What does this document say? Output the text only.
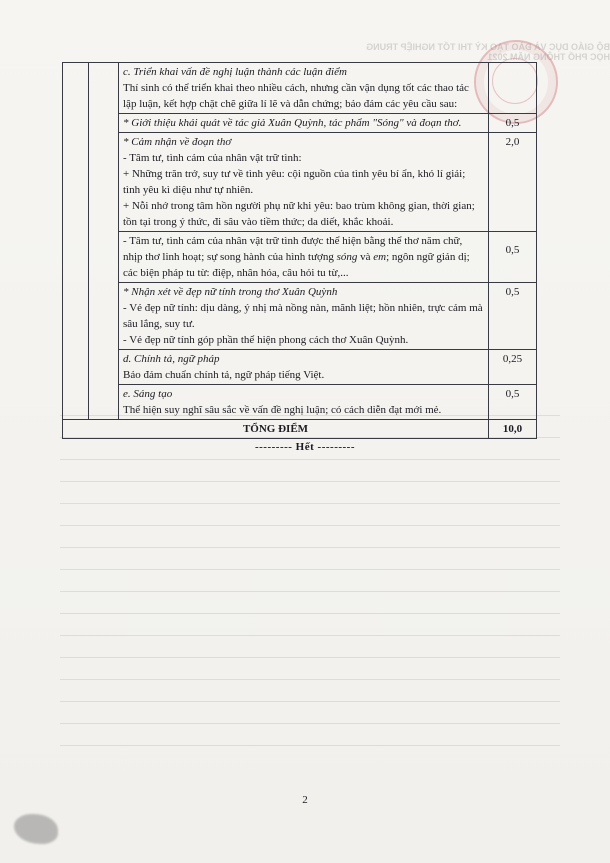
BỘ GIÁO DỤC VÀ ĐÀO TẠO KỲ THI TỐT NGHIỆP TRUNG HỌC PHỔ THÔNG NĂM 2021

		c. Triển khai vấn đề nghị luận thành các luận điểm
Thí sinh có thể triển khai theo nhiều cách, nhưng cần vận dụng tốt các thao tác lập luận, kết hợp chặt chẽ giữa lí lẽ và dẫn chứng; bảo đảm các yêu cầu sau:	

		* Giới thiệu khái quát về tác giả Xuân Quỳnh, tác phẩm "Sóng" và đoạn thơ.	0,5

		* Cảm nhận về đoạn thơ
- Tâm tư, tình cảm của nhân vật trữ tình:
+ Những trăn trở, suy tư về tình yêu: cội nguồn của tình yêu bí ẩn, khó lí giải; tình yêu kì diệu như tự nhiên.
+ Nỗi nhớ trong tâm hồn người phụ nữ khi yêu: bao trùm không gian, thời gian; tồn tại trong ý thức, đi sâu vào tiềm thức; da diết, khắc khoải.	2,0

		- Tâm tư, tình cảm của nhân vật trữ tình được thể hiện bằng thể thơ năm chữ, nhịp thơ linh hoạt; sự song hành của hình tượng sóng và em; ngôn ngữ giản dị; các biện pháp tu từ: điệp, nhân hóa, câu hỏi tu từ,...	0,5

		* Nhận xét về đẹp nữ tính trong thơ Xuân Quỳnh
- Vẻ đẹp nữ tính: dịu dàng, ý nhị mà nồng nàn, mãnh liệt; hồn nhiên, trực cảm mà sâu lắng, suy tư.
- Vẻ đẹp nữ tính góp phần thể hiện phong cách thơ Xuân Quỳnh.	0,5

		d. Chính tả, ngữ pháp
Bảo đảm chuẩn chính tả, ngữ pháp tiếng Việt.	0,25

		e. Sáng tạo
Thể hiện suy nghĩ sâu sắc về vấn đề nghị luận; có cách diễn đạt mới mẻ.	0,5
TỔNG ĐIỂM			10,0
--------- Hết ---------
2
